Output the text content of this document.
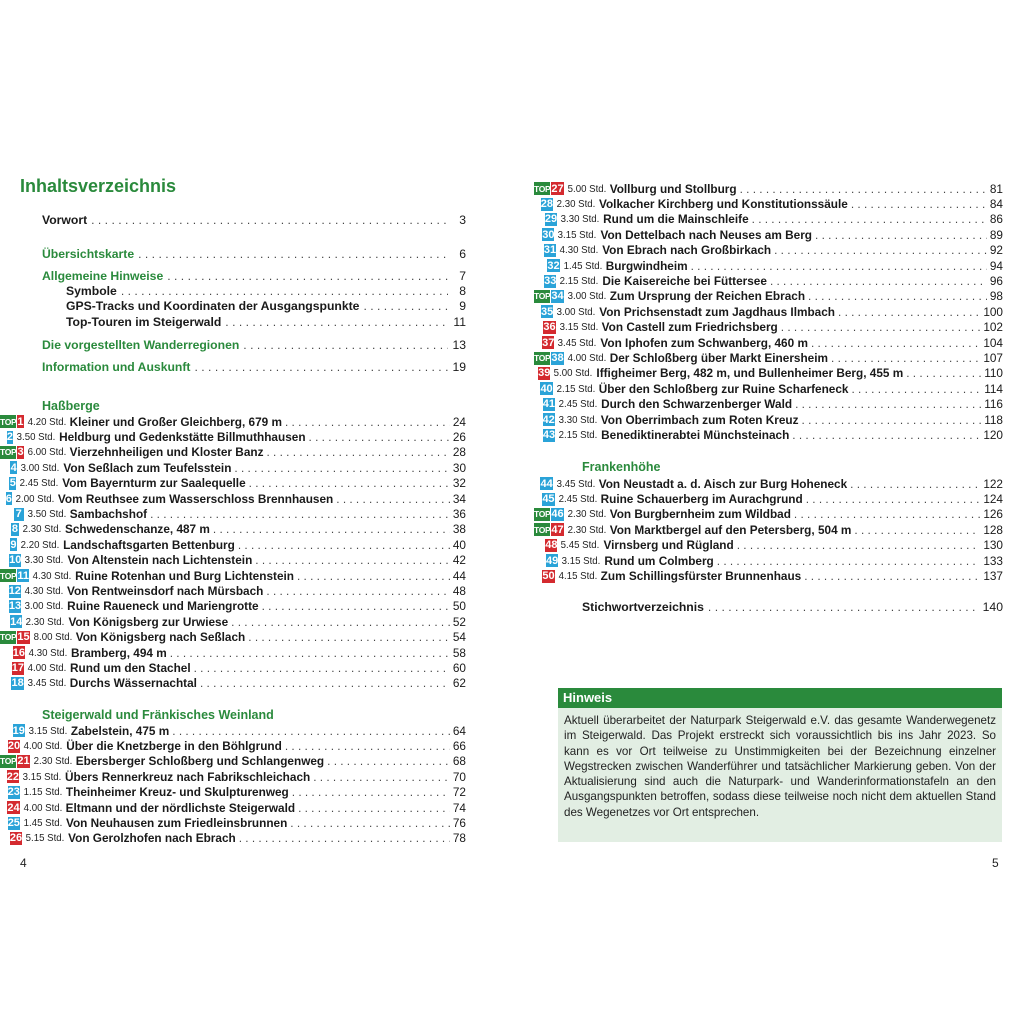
Inhaltsverzeichnis
Vorwort . . .	3
Übersichtskarte . . .	6
Allgemeine Hinweise . . .	7
Symbole . . .	8
GPS-Tracks und Koordinaten der Ausgangspunkte . . .	9
Top-Touren im Steigerwald . . .	11
Die vorgestellten Wanderregionen . . .	13
Information und Auskunft . . .	19
Haßberge
TOP 1 4.20 Std. Kleiner und Großer Gleichberg, 679 m . . .	24
2 3.50 Std. Heldburg und Gedenkstätte Billmuthhausen . . .	26
TOP 3 6.00 Std. Vierzehnheiligen und Kloster Banz . . .	28
4 3.00 Std. Von Seßlach zum Teufelsstein . . .	30
5 2.45 Std. Vom Bayernturm zur Saalequelle . . .	32
6 2.00 Std. Vom Reuthsee zum Wasserschloss Brennhausen . . .	34
7 3.50 Std. Sambachshof . . .	36
8 2.30 Std. Schwedenschanze, 487 m . . .	38
9 2.20 Std. Landschaftsgarten Bettenburg . . .	40
10 3.30 Std. Von Altenstein nach Lichtenstein . . .	42
TOP 11 4.30 Std. Ruine Rotenhan und Burg Lichtenstein . . .	44
12 4.30 Std. Von Rentweinsdorf nach Mürsbach . . .	48
13 3.00 Std. Ruine Raueneck und Mariengrotte . . .	50
14 2.30 Std. Von Königsberg zur Urwiese . . .	52
TOP 15 8.00 Std. Von Königsberg nach Seßlach . . .	54
16 4.30 Std. Bramberg, 494 m . . .	58
17 4.00 Std. Rund um den Stachel . . .	60
18 3.45 Std. Durchs Wässernachtal . . .	62
Steigerwald und Fränkisches Weinland
19 3.15 Std. Zabelstein, 475 m . . .	64
20 4.00 Std. Über die Knetzberge in den Böhlgrund . . .	66
TOP 21 2.30 Std. Ebersberger Schloßberg und Schlangenweg . . .	68
22 3.15 Std. Übers Rennerkreuz nach Fabrikschleichach . . .	70
23 1.15 Std. Theinheimer Kreuz- und Skulpturenweg . . .	72
24 4.00 Std. Eltmann und der nördlichste Steigerwald . . .	74
25 1.45 Std. Von Neuhausen zum Friedleinsbrunnen . . .	76
26 5.15 Std. Von Gerolzhofen nach Ebrach . . .	78
4
TOP 27 5.00 Std. Vollburg und Stollburg . . .	81
28 2.30 Std. Volkacher Kirchberg und Konstitutionssäule . . .	84
29 3.30 Std. Rund um die Mainschleife . . .	86
30 3.15 Std. Von Dettelbach nach Neuses am Berg . . .	89
31 4.30 Std. Von Ebrach nach Großbirkach . . .	92
32 1.45 Std. Burgwindheim . . .	94
33 2.15 Std. Die Kaisereiche bei Füttersee . . .	96
TOP 34 3.00 Std. Zum Ursprung der Reichen Ebrach . . .	98
35 3.00 Std. Von Prichsenstadt zum Jagdhaus Ilmbach . . .	100
36 3.15 Std. Von Castell zum Friedrichsberg . . .	102
37 3.45 Std. Von Iphofen zum Schwanberg, 460 m . . .	104
TOP 38 4.00 Std. Der Schloßberg über Markt Einersheim . . .	107
39 5.00 Std. Iffigheimer Berg, 482 m, und Bullenheimer Berg, 455 m . . .	110
40 2.15 Std. Über den Schloßberg zur Ruine Scharfeneck . . .	114
41 2.45 Std. Durch den Schwarzenberger Wald . . .	116
42 3.30 Std. Von Oberrimbach zum Roten Kreuz . . .	118
43 2.15 Std. Benediktinerabtei Münchsteinach . . .	120
Frankenhöhe
44 3.45 Std. Von Neustadt a. d. Aisch zur Burg Hoheneck . . .	122
45 2.45 Std. Ruine Schauerberg im Aurachgrund . . .	124
TOP 46 2.30 Std. Von Burgbernheim zum Wildbad . . .	126
TOP 47 2.30 Std. Von Marktbergel auf den Petersberg, 504 m . . .	128
48 5.45 Std. Virnsberg und Rügland . . .	130
49 3.15 Std. Rund um Colmberg . . .	133
50 4.15 Std. Zum Schillingsfürster Brunnenhaus . . .	137
Stichwortverzeichnis . . .	140
5
Hinweis
Aktuell überarbeitet der Naturpark Steigerwald e.V. das gesamte Wanderwegenetz im Steigerwald. Das Projekt erstreckt sich voraussichtlich bis ins Jahr 2023. So kann es vor Ort teilweise zu Unstimmigkeiten bei der Bezeichnung einzelner Wegstrecken zwischen Wanderführer und tatsächlicher Markierung geben. Von der Aktualisierung sind auch die Naturpark- und Wanderinformationstafeln an den Ausgangspunkten betroffen, sodass diese teilweise noch nicht dem aktuellen Stand des Wegenetzes vor Ort entsprechen.
